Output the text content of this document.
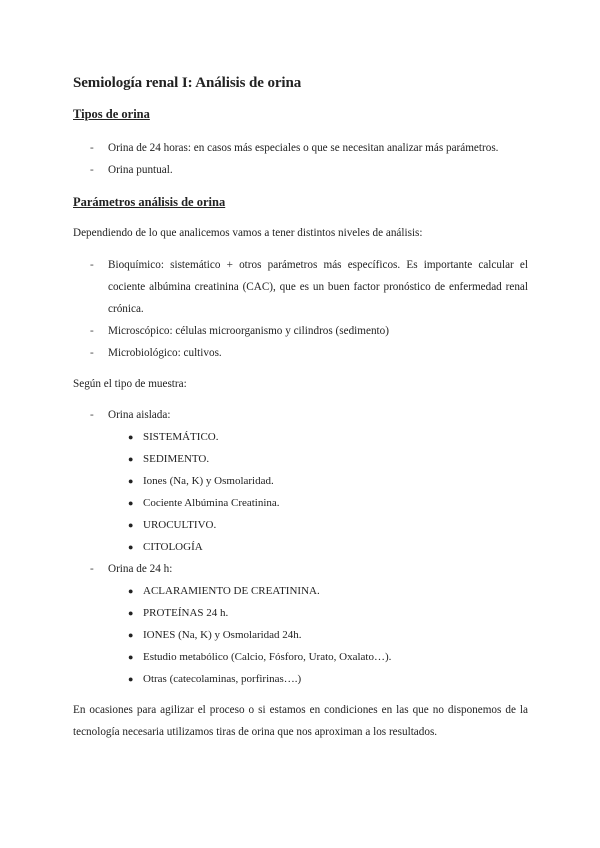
Semiología renal I: Análisis de orina
Tipos de orina
- Orina de 24 horas: en casos más especiales o que se necesitan analizar más parámetros.
- Orina puntual.
Parámetros análisis de orina

Dependiendo de lo que analicemos vamos a tener distintos niveles de análisis:

- Bioquímico: sistemático + otros parámetros más específicos. Es importante calcular el cociente albúmina creatinina (CAC), que es un buen factor pronóstico de enfermedad renal crónica.
- Microscópico: células microorganismo y cilindros (sedimento)
- Microbiológico: cultivos.

Según el tipo de muestra:

- Orina aislada:
● SISTEMÁTICO.
● SEDIMENTO.
● Iones (Na, K) y Osmolaridad.
● Cociente Albúmina Creatinina.
● UROCULTIVO.
● CITOLOGÍA
- Orina de 24 h:
● ACLARAMIENTO DE CREATININA.
● PROTEÍNAS 24 h.
● IONES (Na, K) y Osmolaridad 24h.
● Estudio metabólico (Calcio, Fósforo, Urato, Oxalato…).
● Otras (catecolaminas, porfirinas….)

En ocasiones para agilizar el proceso o si estamos en condiciones en las que no disponemos de la tecnología necesaria utilizamos tiras de orina que nos aproximan a los resultados.
